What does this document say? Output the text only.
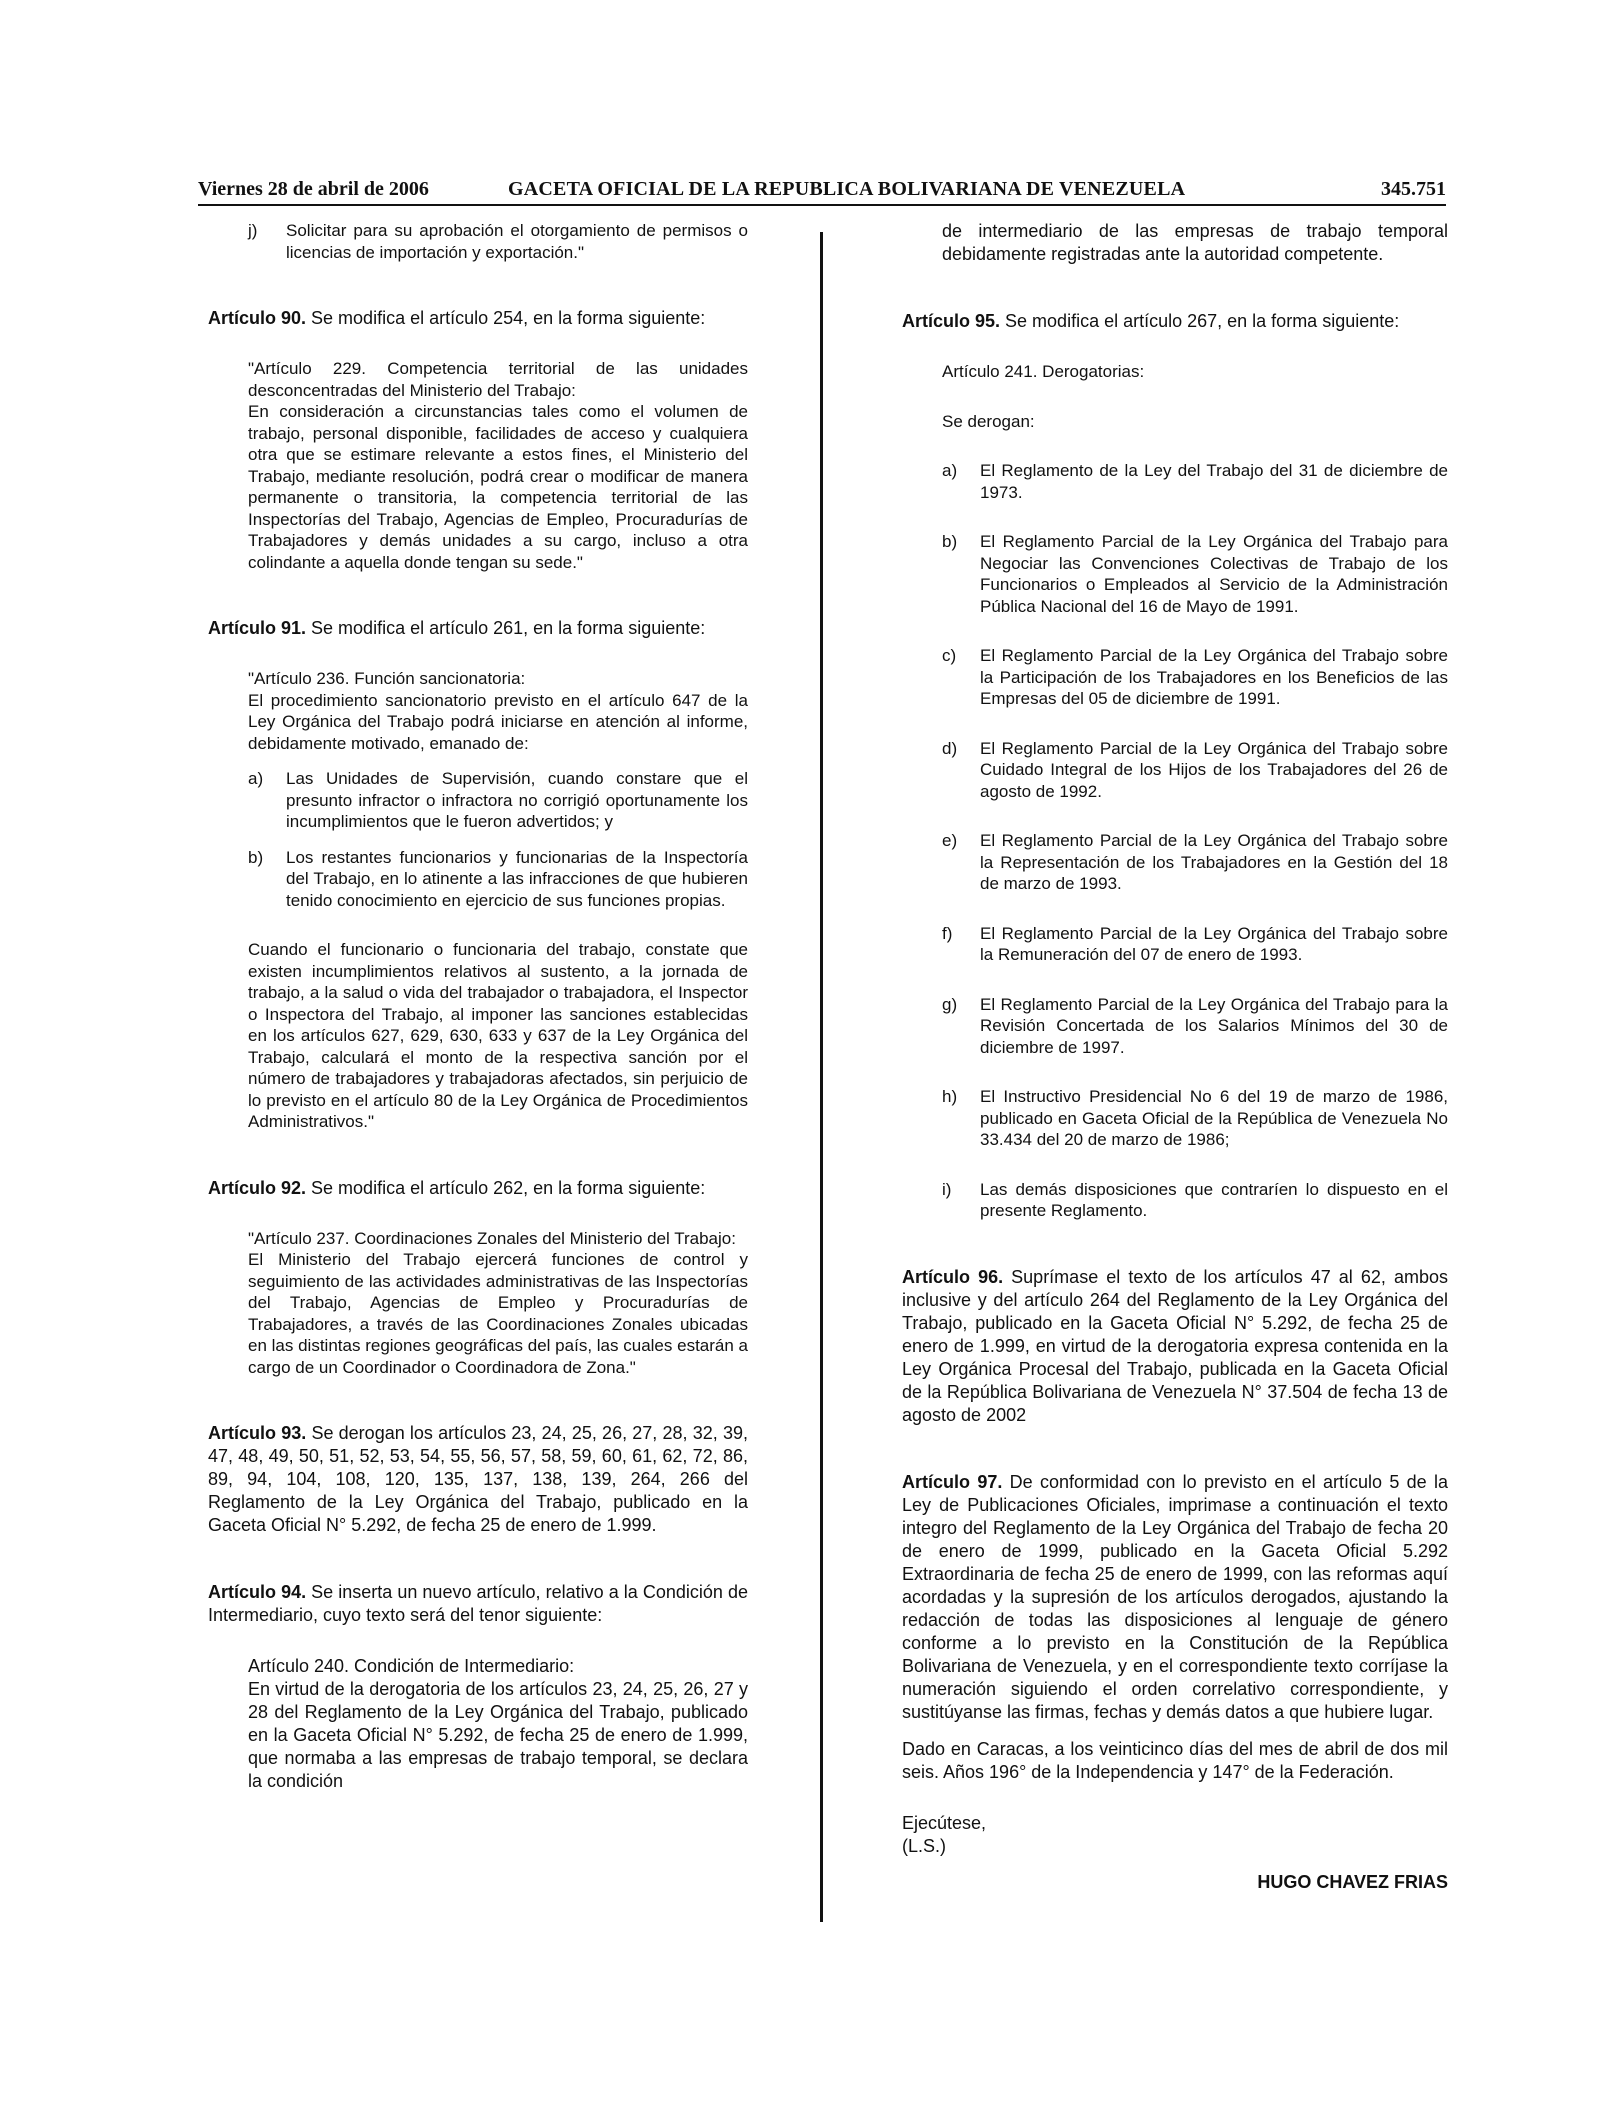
Viernes 28 de abril de 2006	GACETA OFICIAL DE LA REPUBLICA BOLIVARIANA DE VENEZUELA	345.751
j)	Solicitar para su aprobación el otorgamiento de permisos o licencias de importación y exportación."

Artículo 90. Se modifica el artículo 254, en la forma siguiente:

"Artículo 229. Competencia territorial de las unidades desconcentradas del Ministerio del Trabajo:
En consideración a circunstancias tales como el volumen de trabajo, personal disponible, facilidades de acceso y cualquiera otra que se estimare relevante a estos fines, el Ministerio del Trabajo, mediante resolución, podrá crear o modificar de manera permanente o transitoria, la competencia territorial de las Inspectorías del Trabajo, Agencias de Empleo, Procuradurías de Trabajadores y demás unidades a su cargo, incluso a otra colindante a aquella donde tengan su sede."

Artículo 91. Se modifica el artículo 261, en la forma siguiente:

"Artículo 236. Función sancionatoria:
El procedimiento sancionatorio previsto en el artículo 647 de la Ley Orgánica del Trabajo podrá iniciarse en atención al informe, debidamente motivado, emanado de:

a)	Las Unidades de Supervisión, cuando constare que el presunto infractor o infractora no corrigió oportunamente los incumplimientos que le fueron advertidos; y
b)	Los restantes funcionarios y funcionarias de la Inspectoría del Trabajo, en lo atinente a las infracciones de que hubieren tenido conocimiento en ejercicio de sus funciones propias.

Cuando el funcionario o funcionaria del trabajo, constate que existen incumplimientos relativos al sustento, a la jornada de trabajo, a la salud o vida del trabajador o trabajadora, el Inspector o Inspectora del Trabajo, al imponer las sanciones establecidas en los artículos 627, 629, 630, 633 y 637 de la Ley Orgánica del Trabajo, calculará el monto de la respectiva sanción por el número de trabajadores y trabajadoras afectados, sin perjuicio de lo previsto en el artículo 80 de la Ley Orgánica de Procedimientos Administrativos."

Artículo 92. Se modifica el artículo 262, en la forma siguiente:

"Artículo 237. Coordinaciones Zonales del Ministerio del Trabajo:
El Ministerio del Trabajo ejercerá funciones de control y seguimiento de las actividades administrativas de las Inspectorías del Trabajo, Agencias de Empleo y Procuradurías de Trabajadores, a través de las Coordinaciones Zonales ubicadas en las distintas regiones geográficas del país, las cuales estarán a cargo de un Coordinador o Coordinadora de Zona."

Artículo 93. Se derogan los artículos 23, 24, 25, 26, 27, 28, 32, 39, 47, 48, 49, 50, 51, 52, 53, 54, 55, 56, 57, 58, 59, 60, 61, 62, 72, 86, 89, 94, 104, 108, 120, 135, 137, 138, 139, 264, 266 del Reglamento de la Ley Orgánica del Trabajo, publicado en la Gaceta Oficial N° 5.292, de fecha 25 de enero de 1.999.

Artículo 94. Se inserta un nuevo artículo, relativo a la Condición de Intermediario, cuyo texto será del tenor siguiente:

Artículo 240. Condición de Intermediario:
En virtud de la derogatoria de los artículos 23, 24, 25, 26, 27 y 28 del Reglamento de la Ley Orgánica del Trabajo, publicado en la Gaceta Oficial N° 5.292, de fecha 25 de enero de 1.999, que normaba a las empresas de trabajo temporal, se declara la condición

de intermediario de las empresas de trabajo temporal debidamente registradas ante la autoridad competente.

Artículo 95. Se modifica el artículo 267, en la forma siguiente:

Artículo 241. Derogatorias:

Se derogan:

a)	El Reglamento de la Ley del Trabajo del 31 de diciembre de 1973.
b)	El Reglamento Parcial de la Ley Orgánica del Trabajo para Negociar las Convenciones Colectivas de Trabajo de los Funcionarios o Empleados al Servicio de la Administración Pública Nacional del 16 de Mayo de 1991.
c)	El Reglamento Parcial de la Ley Orgánica del Trabajo sobre la Participación de los Trabajadores en los Beneficios de las Empresas del 05 de diciembre de 1991.
d)	El Reglamento Parcial de la Ley Orgánica del Trabajo sobre Cuidado Integral de los Hijos de los Trabajadores del 26 de agosto de 1992.
e)	El Reglamento Parcial de la Ley Orgánica del Trabajo sobre la Representación de los Trabajadores en la Gestión del 18 de marzo de 1993.
f)	El Reglamento Parcial de la Ley Orgánica del Trabajo sobre la Remuneración del 07 de enero de 1993.
g)	El Reglamento Parcial de la Ley Orgánica del Trabajo para la Revisión Concertada de los Salarios Mínimos del 30 de diciembre de 1997.
h)	El Instructivo Presidencial No 6 del 19 de marzo de 1986, publicado en Gaceta Oficial de la República de Venezuela No 33.434 del 20 de marzo de 1986;
i)	Las demás disposiciones que contraríen lo dispuesto en el presente Reglamento.

Artículo 96. Suprímase el texto de los artículos 47 al 62, ambos inclusive y del artículo 264 del Reglamento de la Ley Orgánica del Trabajo, publicado en la Gaceta Oficial N° 5.292, de fecha 25 de enero de 1.999, en virtud de la derogatoria expresa contenida en la Ley Orgánica Procesal del Trabajo, publicada en la Gaceta Oficial de la República Bolivariana de Venezuela N° 37.504 de fecha 13 de agosto de 2002

Artículo 97. De conformidad con lo previsto en el artículo 5 de la Ley de Publicaciones Oficiales, imprimase a continuación el texto integro del Reglamento de la Ley Orgánica del Trabajo de fecha 20 de enero de 1999, publicado en la Gaceta Oficial 5.292 Extraordinaria de fecha 25 de enero de 1999, con las reformas aquí acordadas y la supresión de los artículos derogados, ajustando la redacción de todas las disposiciones al lenguaje de género conforme a lo previsto en la Constitución de la República Bolivariana de Venezuela, y en el correspondiente texto corríjase la numeración siguiendo el orden correlativo correspondiente, y sustitúyanse las firmas, fechas y demás datos a que hubiere lugar.

Dado en Caracas, a los veinticinco días del mes de abril de dos mil seis. Años 196° de la Independencia y 147° de la Federación.

Ejecútese,

(L.S.)

HUGO CHAVEZ FRIAS
